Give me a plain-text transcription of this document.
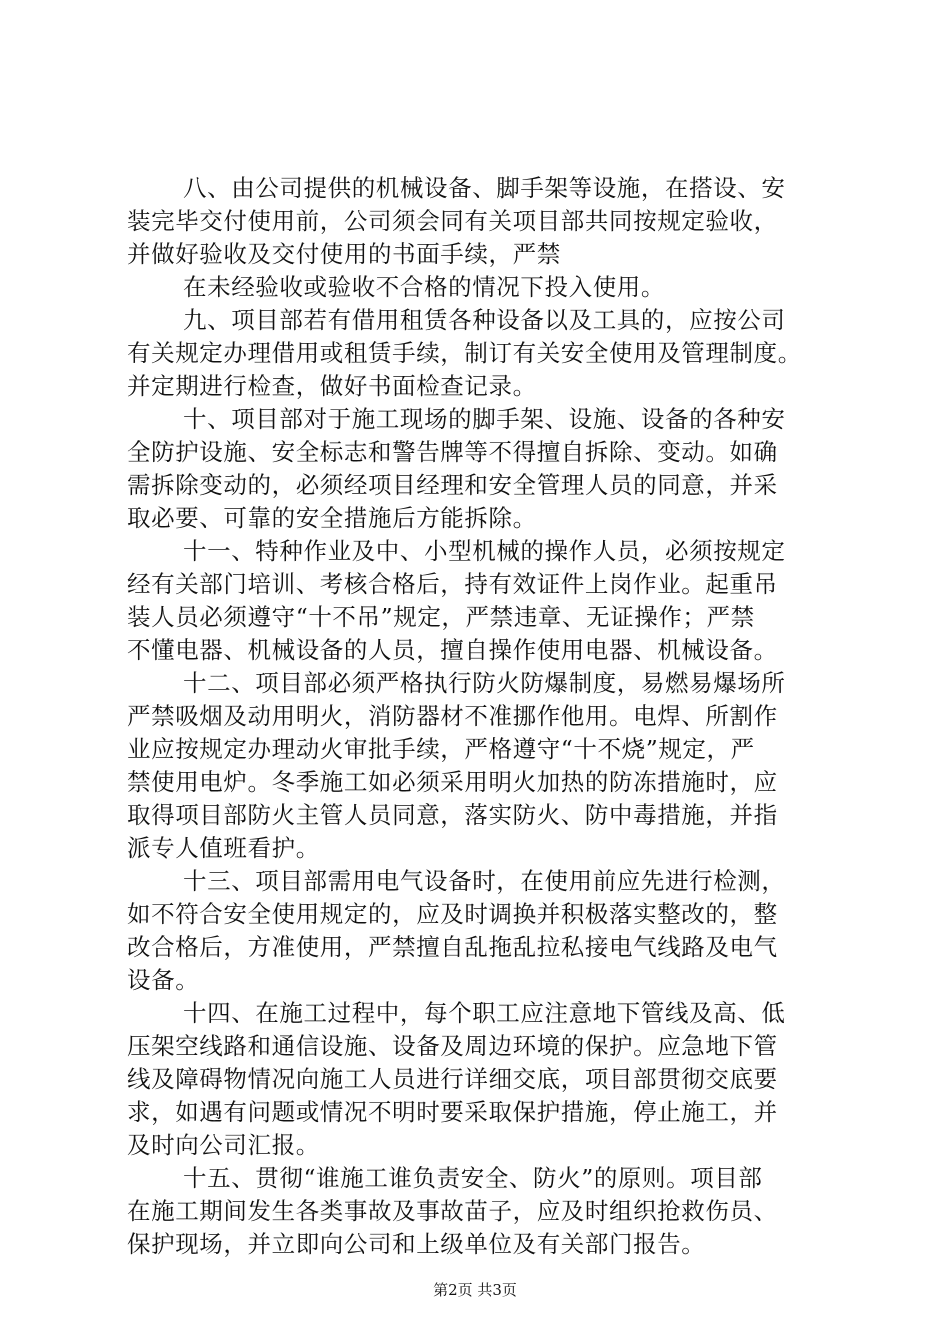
八、由公司提供的机械设备、脚手架等设施，在搭设、安
装完毕交付使用前，公司须会同有关项目部共同按规定验收，
并做好验收及交付使用的书面手续，严禁
在未经验收或验收不合格的情况下投入使用。
九、项目部若有借用租赁各种设备以及工具的，应按公司
有关规定办理借用或租赁手续，制订有关安全使用及管理制度。
并定期进行检查，做好书面检查记录。
十、项目部对于施工现场的脚手架、设施、设备的各种安
全防护设施、安全标志和警告牌等不得擅自拆除、变动。如确
需拆除变动的，必须经项目经理和安全管理人员的同意，并采
取必要、可靠的安全措施后方能拆除。
十一、特种作业及中、小型机械的操作人员，必须按规定
经有关部门培训、考核合格后，持有效证件上岗作业。起重吊
装人员必须遵守“十不吊”规定，严禁违章、无证操作；严禁
不懂电器、机械设备的人员，擅自操作使用电器、机械设备。
十二、项目部必须严格执行防火防爆制度，易燃易爆场所
严禁吸烟及动用明火，消防器材不准挪作他用。电焊、所割作
业应按规定办理动火审批手续，严格遵守“十不烧”规定，严
禁使用电炉。冬季施工如必须采用明火加热的防冻措施时，应
取得项目部防火主管人员同意，落实防火、防中毒措施，并指
派专人值班看护。
十三、项目部需用电气设备时，在使用前应先进行检测，
如不符合安全使用规定的，应及时调换并积极落实整改的，整
改合格后，方准使用，严禁擅自乱拖乱拉私接电气线路及电气
设备。
十四、在施工过程中，每个职工应注意地下管线及高、低
压架空线路和通信设施、设备及周边环境的保护。应急地下管
线及障碍物情况向施工人员进行详细交底，项目部贯彻交底要
求，如遇有问题或情况不明时要采取保护措施，停止施工，并
及时向公司汇报。
十五、贯彻“谁施工谁负责安全、防火”的原则。项目部
在施工期间发生各类事故及事故苗子，应及时组织抢救伤员、
保护现场，并立即向公司和上级单位及有关部门报告。
第2页 共3页
